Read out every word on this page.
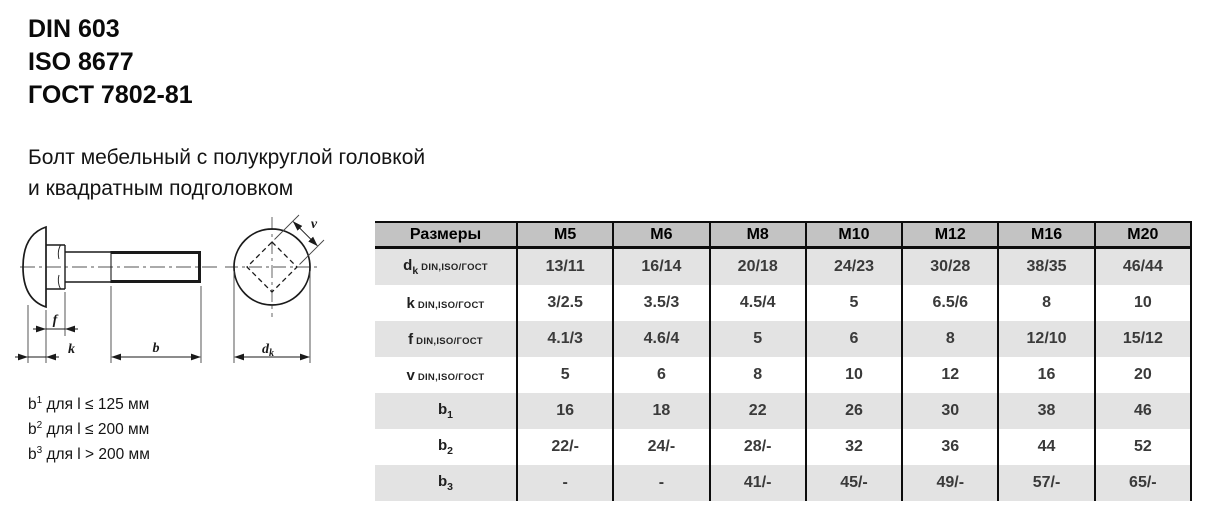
DIN 603
ISO 8677
ГОСТ 7802-81
Болт мебельный с полукруглой головкой
и квадратным подголовком
f
k	b
v
$d_k$
$b^1$ для l ≤ 125 мм
$b^2$ для l ≤ 200 мм
$b^3$ для l > 200 мм
Размеры	M5	M6	M8	M10	M12	M16	M20
$d_k$ DIN,ISO/ГОСТ	13/11	16/14	20/18	24/23	30/28	38/35	46/44
k DIN,ISO/ГОСТ	3/2.5	3.5/3	4.5/4	5	6.5/6	8	10
f DIN,ISO/ГОСТ	4.1/3	4.6/4	5	6	8	12/10	15/12
v DIN,ISO/ГОСТ	5	6	8	10	12	16	20
$b_1$	16	18	22	26	30	38	46
$b_2$	22/-	24/-	28/-	32	36	44	52
$b_3$	-	-	41/-	45/-	49/-	57/-	65/-
